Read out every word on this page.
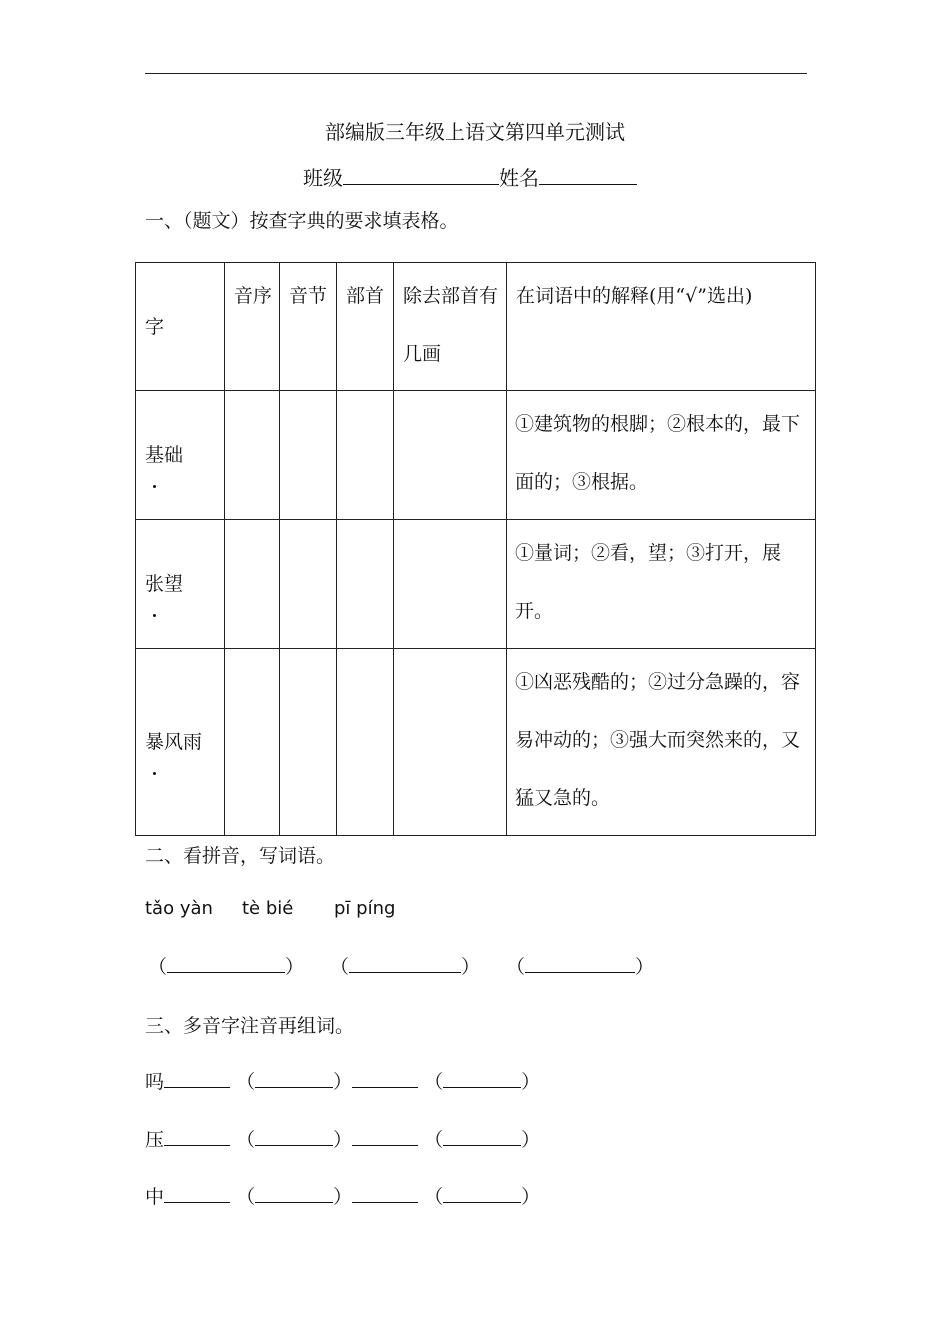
部编版三年级上语文第四单元测试
班级	姓名
一、（题文）按查字典的要求填表格。
字	音序	音节	部首	除去部首有几画	在词语中的解释(用“√”选出)
基础					①建筑物的根脚；②根本的，最下面的；③根据。
张望					①量词；②看，望；③打开，展开。
暴风雨					①凶恶残酷的；②过分急躁的，容易冲动的；③强大而突然来的，又猛又急的。
二、看拼音，写词语。
tǎo yàn tè bié pī píng
（	） （	） （	）
三、多音字注音再组词。
吗	（	）	（	）
压	（	）	（	）
中	（	）	（	）
